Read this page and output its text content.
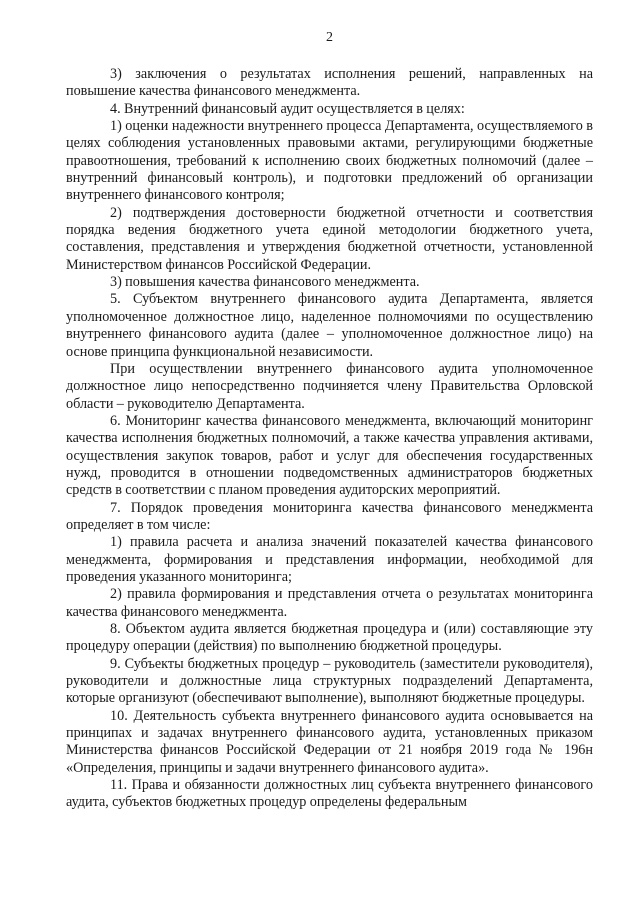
2

3) заключения о результатах исполнения решений, направленных на повышение качества финансового менеджмента.

4. Внутренний финансовый аудит осуществляется в целях:

1) оценки надежности внутреннего процесса Департамента, осуществляемого в целях соблюдения установленных правовыми актами, регулирующими бюджетные правоотношения, требований к исполнению своих бюджетных полномочий (далее – внутренний финансовый контроль), и подготовки предложений об организации внутреннего финансового контроля;

2) подтверждения достоверности бюджетной отчетности и соответствия порядка ведения бюджетного учета единой методологии бюджетного учета, составления, представления и утверждения бюджетной отчетности, установленной Министерством финансов Российской Федерации.

3) повышения качества финансового менеджмента.

5. Субъектом внутреннего финансового аудита Департамента, является уполномоченное должностное лицо, наделенное полномочиями по осуществлению внутреннего финансового аудита (далее – уполномоченное должностное лицо) на основе принципа функциональной независимости.

При осуществлении внутреннего финансового аудита уполномоченное должностное лицо непосредственно подчиняется члену Правительства Орловской области – руководителю Департамента.

6. Мониторинг качества финансового менеджмента, включающий мониторинг качества исполнения бюджетных полномочий, а также качества управления активами, осуществления закупок товаров, работ и услуг для обеспечения государственных нужд, проводится в отношении подведомственных администраторов бюджетных средств в соответствии с планом проведения аудиторских мероприятий.

7. Порядок проведения мониторинга качества финансового менеджмента определяет в том числе:

1) правила расчета и анализа значений показателей качества финансового менеджмента, формирования и представления информации, необходимой для проведения указанного мониторинга;

2) правила формирования и представления отчета о результатах мониторинга качества финансового менеджмента.

8. Объектом аудита является бюджетная процедура и (или) составляющие эту процедуру операции (действия) по выполнению бюджетной процедуры.

9. Субъекты бюджетных процедур – руководитель (заместители руководителя), руководители и должностные лица структурных подразделений Департамента, которые организуют (обеспечивают выполнение), выполняют бюджетные процедуры.

10. Деятельность субъекта внутреннего финансового аудита основывается на принципах и задачах внутреннего финансового аудита, установленных приказом Министерства финансов Российской Федерации от 21 ноября 2019 года № 196н «Определения, принципы и задачи внутреннего финансового аудита».

11. Права и обязанности должностных лиц субъекта внутреннего финансового аудита, субъектов бюджетных процедур определены федеральным
